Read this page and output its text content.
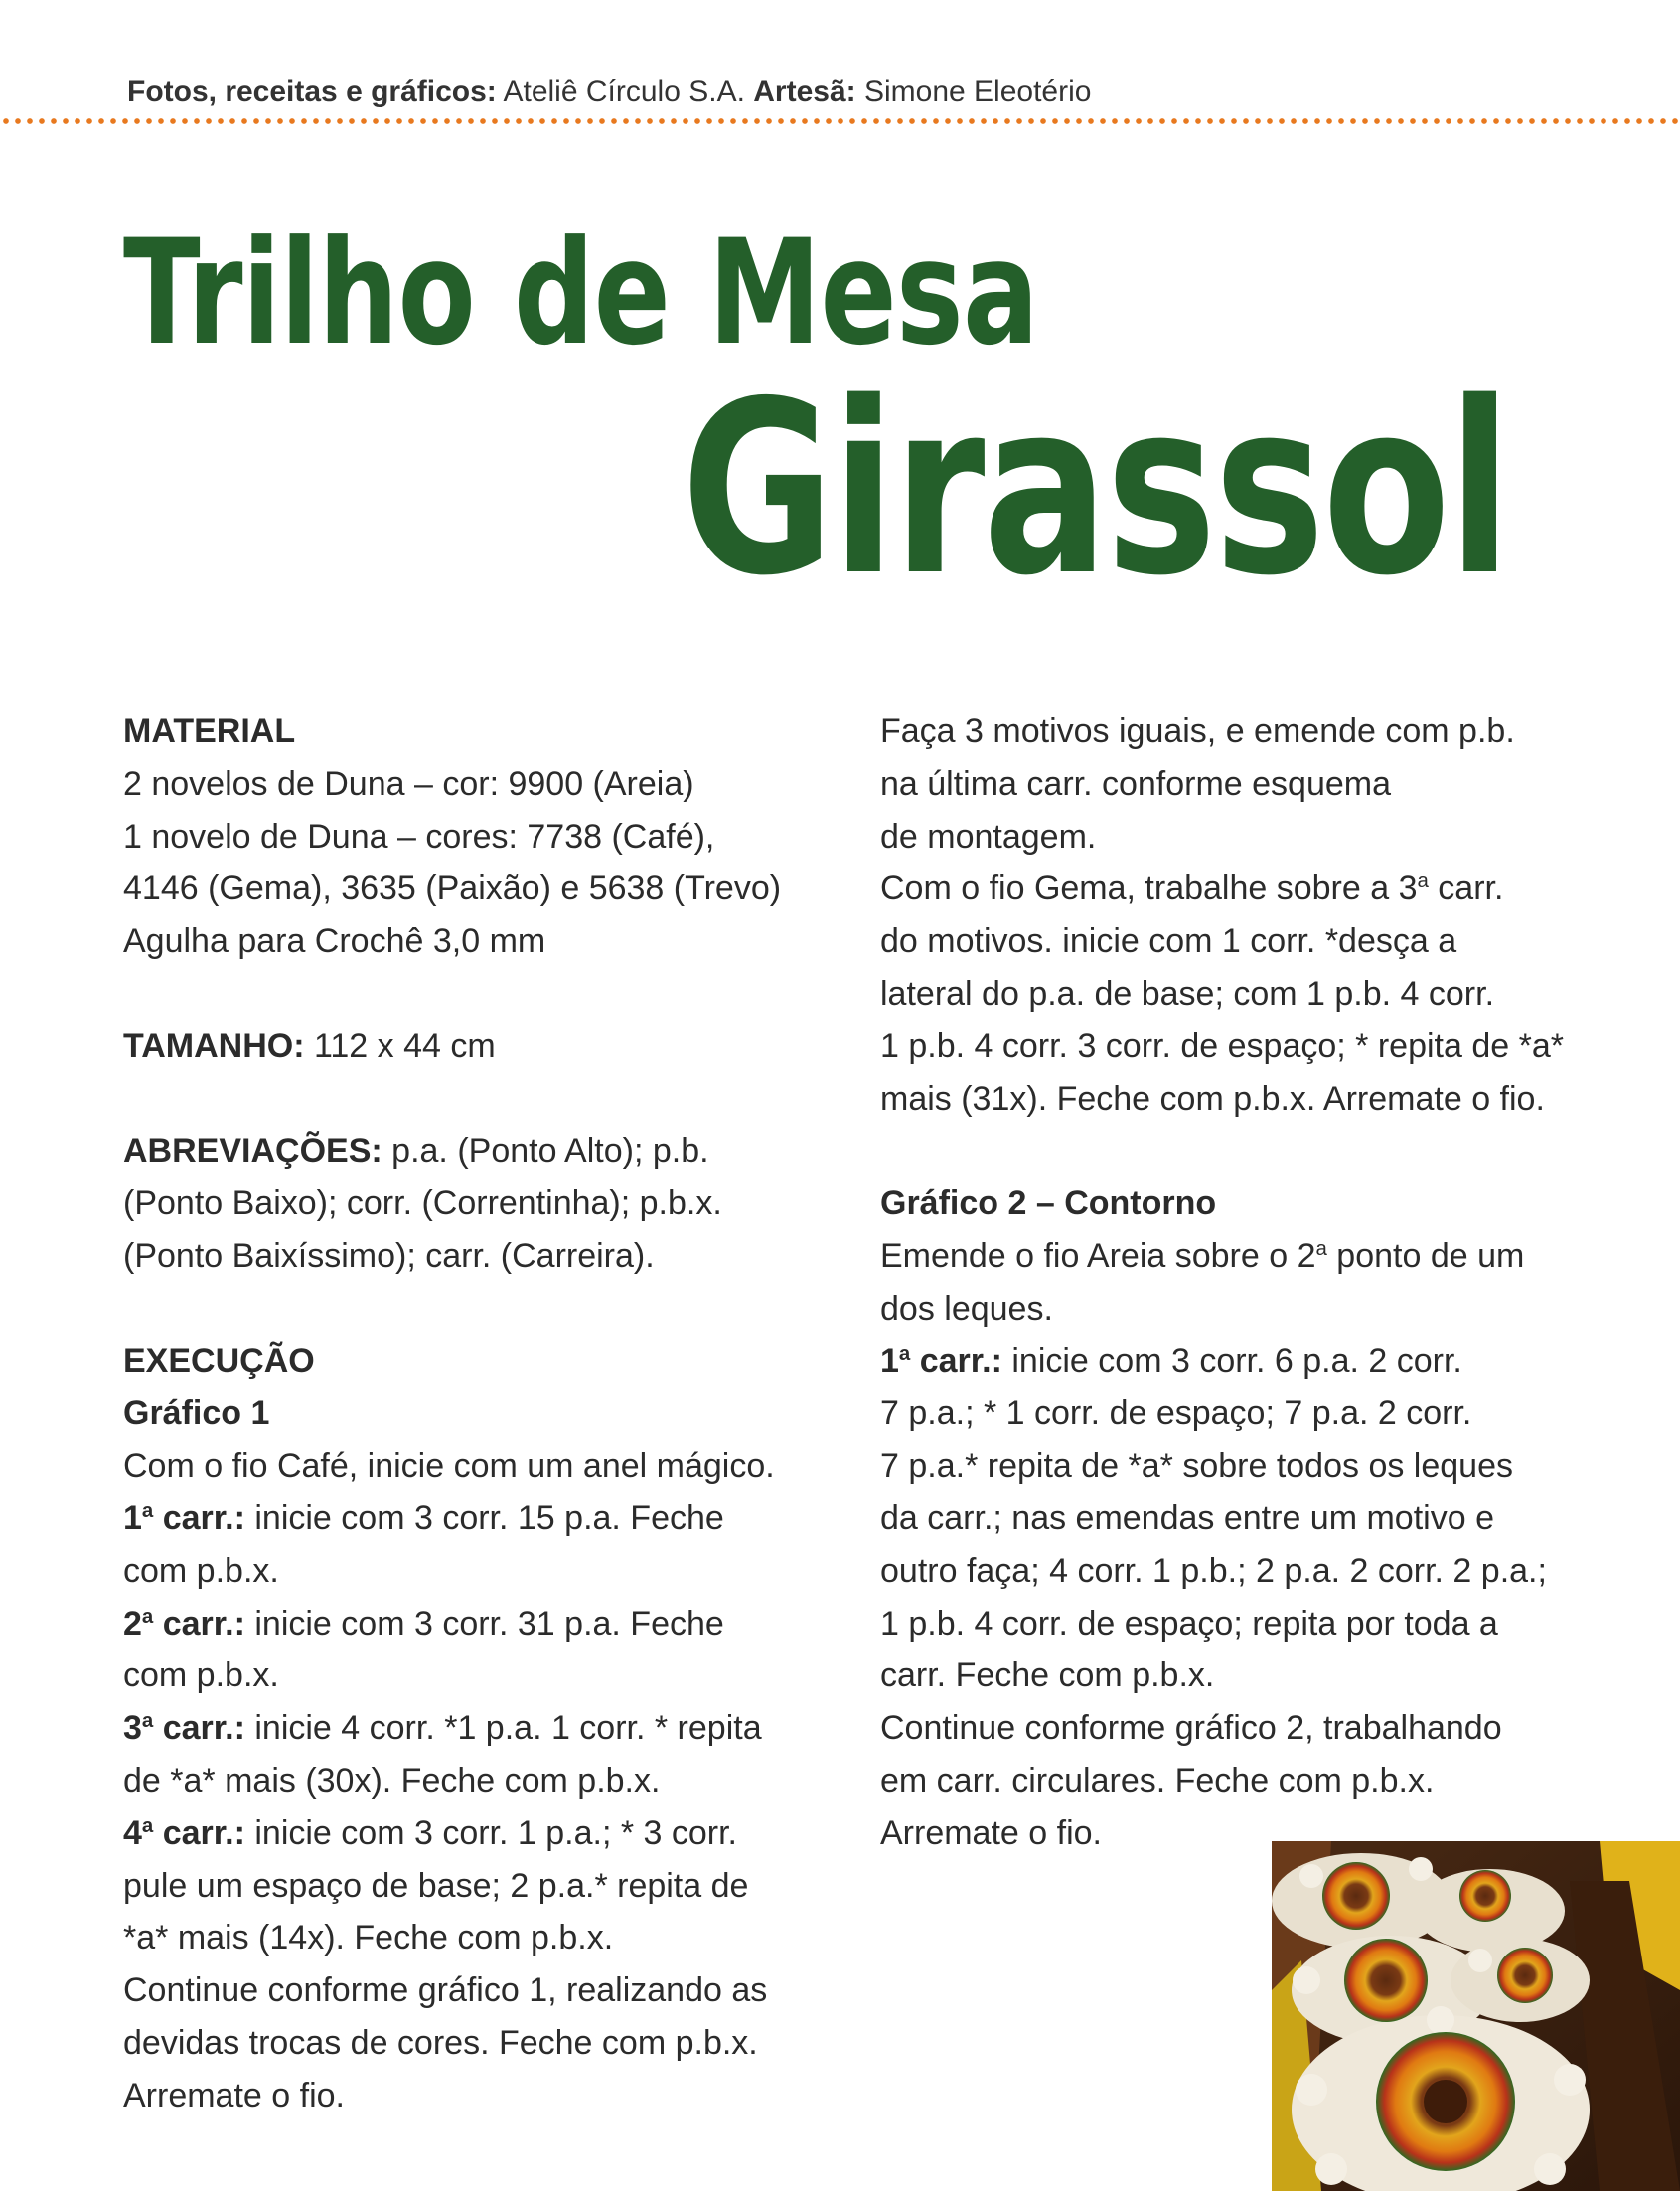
Fotos, receitas e gráficos: Ateliê Círculo S.A. Artesã: Simone Eleotério
Trilho de Mesa
Girassol

MATERIAL

2 novelos de Duna – cor: 9900 (Areia)

1 novelo de Duna – cores: 7738 (Café),

4146 (Gema), 3635 (Paixão) e 5638 (Trevo)

Agulha para Crochê 3,0 mm

TAMANHO: 112 x 44 cm

ABREVIAÇÕES: p.a. (Ponto Alto); p.b.

(Ponto Baixo); corr. (Correntinha); p.b.x.

(Ponto Baixíssimo); carr. (Carreira).

EXECUÇÃO

Gráfico 1

Com o fio Café, inicie com um anel mágico.

1$^a$ carr.: inicie com 3 corr. 15 p.a. Feche

com p.b.x.

2$^a$ carr.: inicie com 3 corr. 31 p.a. Feche

com p.b.x.

3$^a$ carr.: inicie 4 corr. *1 p.a. 1 corr. * repita

de *a* mais (30x). Feche com p.b.x.

4$^a$ carr.: inicie com 3 corr. 1 p.a.; * 3 corr.

pule um espaço de base; 2 p.a.* repita de

*a* mais (14x). Feche com p.b.x.

Continue conforme gráfico 1, realizando as

devidas trocas de cores. Feche com p.b.x.

Arremate o fio.

Faça 3 motivos iguais, e emende com p.b.

na última carr. conforme esquema

de montagem.

Com o fio Gema, trabalhe sobre a 3$^a$ carr.

do motivos. inicie com 1 corr. *desça a

lateral do p.a. de base; com 1 p.b. 4 corr.

1 p.b. 4 corr. 3 corr. de espaço; * repita de *a*

mais (31x). Feche com p.b.x. Arremate o fio.

Gráfico 2 – Contorno

Emende o fio Areia sobre o 2$^a$ ponto de um

dos leques.

1$^a$ carr.: inicie com 3 corr. 6 p.a. 2 corr.

7 p.a.; * 1 corr. de espaço; 7 p.a. 2 corr.

7 p.a.* repita de *a* sobre todos os leques

da carr.; nas emendas entre um motivo e

outro faça; 4 corr. 1 p.b.; 2 p.a. 2 corr. 2 p.a.;

1 p.b. 4 corr. de espaço; repita por toda a

carr. Feche com p.b.x.

Continue conforme gráfico 2, trabalhando

em carr. circulares. Feche com p.b.x.

Arremate o fio.
